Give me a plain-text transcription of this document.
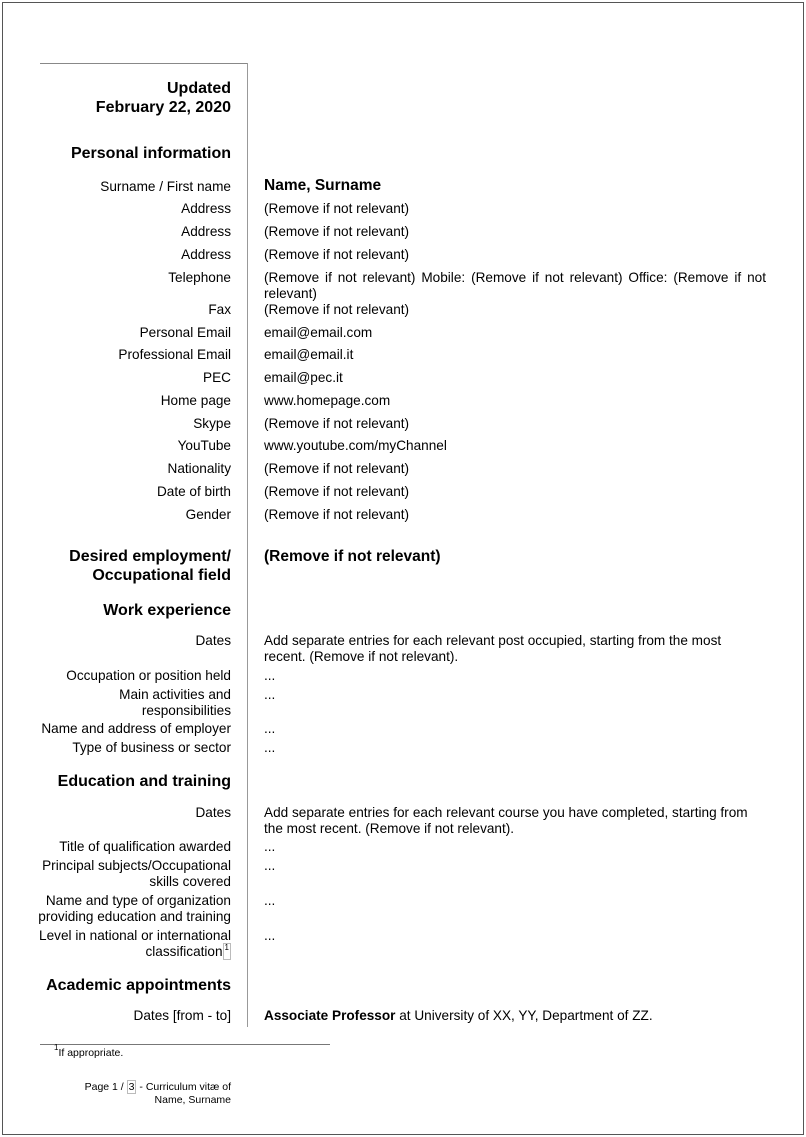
Updated
February 22, 2020
Personal information
Surname / First name Name, Surname
Address (Remove if not relevant)
Address (Remove if not relevant)
Address (Remove if not relevant)
Telephone (Remove if not relevant) Mobile: (Remove if not relevant) Office: (Remove if not relevant)
Fax (Remove if not relevant)
Personal Email email@email.com
Professional Email email@email.it
PEC email@pec.it
Home page www.homepage.com
Skype (Remove if not relevant)
YouTube www.youtube.com/myChannel
Nationality (Remove if not relevant)
Date of birth (Remove if not relevant)
Gender (Remove if not relevant)
Desired employment/
Occupational field
(Remove if not relevant)
Work experience
Dates Add separate entries for each relevant post occupied, starting from the most recent. (Remove if not relevant).
Occupation or position held ...
Main activities and
responsibilities
...
Name and address of employer ...
Type of business or sector ...
Education and training
Dates Add separate entries for each relevant course you have completed, starting from the most recent. (Remove if not relevant).
Title of qualification awarded ...
Principal subjects/Occupational
skills covered
...
Name and type of organization
providing education and training
...
Level in national or international
classification $^1$
...
Academic appointments
Dates [from - to] Associate Professor at University of XX, YY, Department of ZZ.
$^1$If appropriate.
Page 1 / 3 - Curriculum vitæ of
Name, Surname
